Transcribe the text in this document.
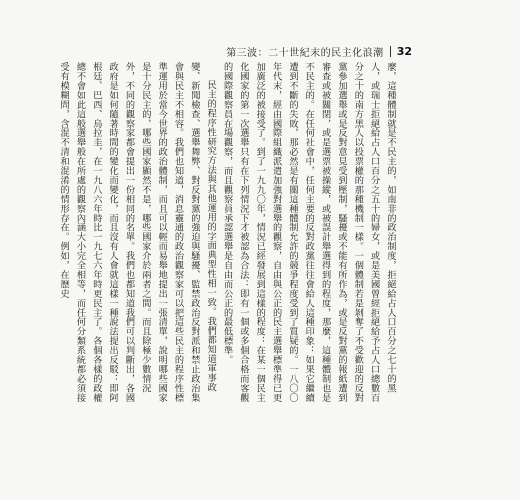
第三波：二十世紀末的民主化浪潮 32

麼，這種體制就是不民主的，如南非的政治制度，拒絕給占人口百分之七十的黑人，或瑞士拒絕給占人口百分之五十的婦女，或是美國曾經拒絕給予占人口總數百分之十的南方黑人以投票權的那種機制一樣。一個體制若是剝奪了不受歡迎的反對黨參加選舉或是反對意見受到壓制，騷擾或不能有所作為，或是反對黨的報紙遭到審查或被關閉，或是選票被操縱，或被誤計舉選得到的程度，那麼，這種體制也是不民主的。在任何社會中，任何主要的反對政黨往往會給人這種印象：如果它繼續遭到不斷的失敗，那必然是有關這種體制允許的競爭程度受到了質疑的。一八〇〇年代末，經由國際組織派遣加強對選舉的觀察，自由與公正的民主選舉標準得已更加廣泛的被接受了。到了一九九〇年，情況已經發展到這樣的程度：在某一個民主化國家的第一次選舉只有在下列情況下才被認為合法：即有一個或多個合格而客觀的國際觀察員在場觀察，而且觀察員承認選舉是自由而公正的最低標準。

民主的程序性研究方法與其他運用的字面典型性相一致。我們都知道軍事政變、新聞檢查、選舉舞弊、對反對黨的強迫與騷擾、監禁政治反對派和禁止政治集會與民主不相容。我們也知道，消息靈通的政治觀察家可以把這些民主的程序性標準運用於當今世界的政治體制，而且可以輕而易舉地提出一張清單，說明哪些國家是十分民主的，哪些國家顯然不是，哪些國家介於兩者之間。而且除極少數情況外，不同的觀察家都會提出一份相同的名單。我們也都知道我們可以判斷出，各國政府是如何隨著時間的變化而變化，而且沒有人會就這樣一種說法提出反駁：即阿根廷、巴西、烏拉圭，在一九八六年時比一九七六年時更民主了。各個各樣的政權總不會如此這般選舉般在所處的觀察內涵大小完全相等，而任何分類系統都必須接受有模糊問，含混不清和混淆的情形存在。例如，在歷史
